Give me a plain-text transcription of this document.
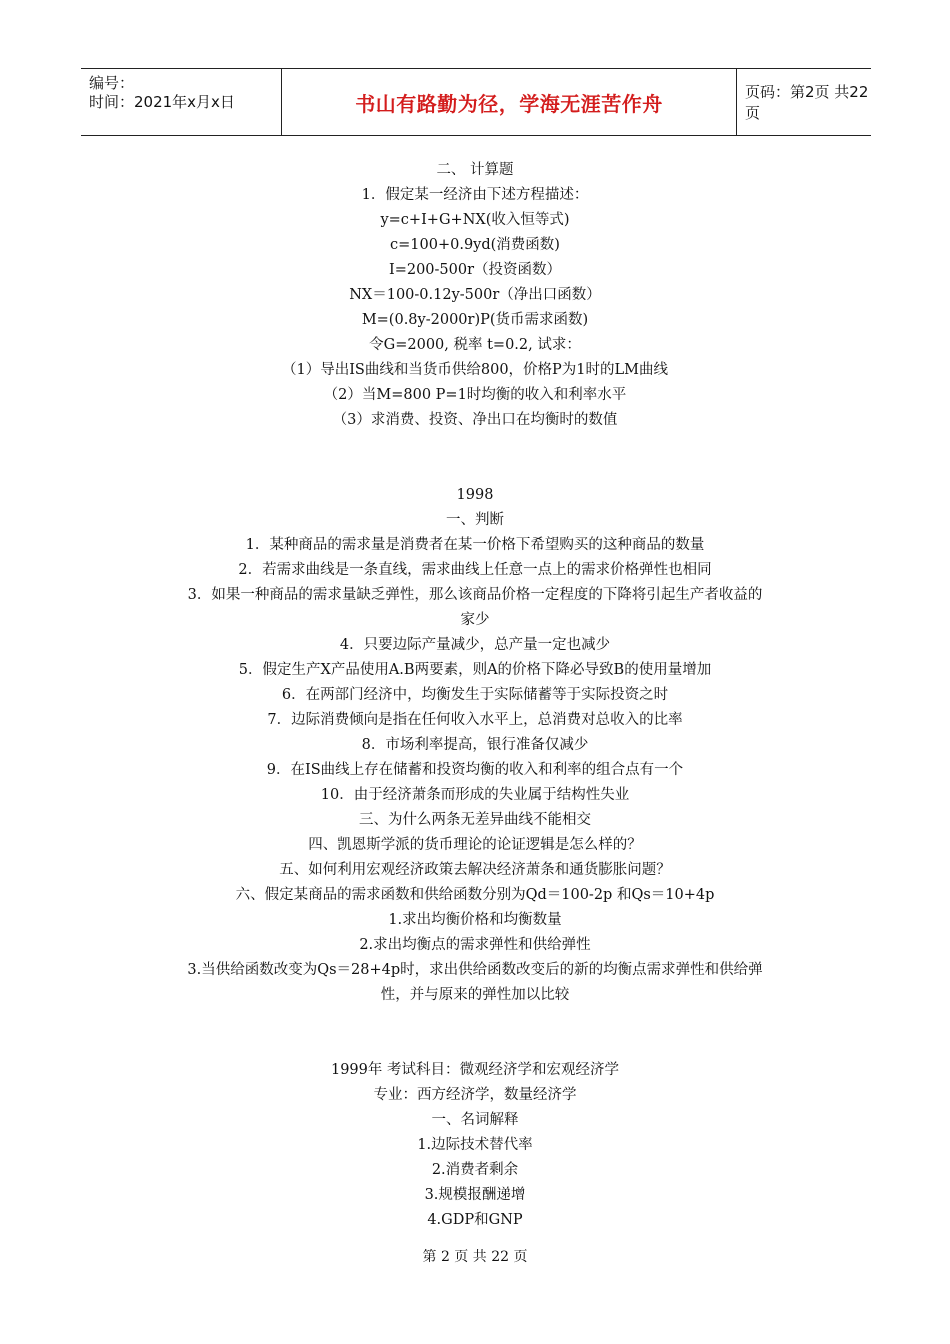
编号：
时间：2021年x月x日	书山有路勤为径，学海无涯苦作舟	页码：第2页 共22页
二、 计算题
1．假定某一经济由下述方程描述：
y=c+I+G+NX(收入恒等式)
c=100+0.9yd(消费函数)
I=200-500r（投资函数）
NX＝100-0.12y-500r（净出口函数）
M=(0.8y-2000r)P(货币需求函数)
令G=2000, 税率 t=0.2, 试求：
（1）导出IS曲线和当货币供给800，价格P为1时的LM曲线
（2）当M=800 P=1时均衡的收入和利率水平
（3）求消费、投资、净出口在均衡时的数值
1998
一、判断
1．某种商品的需求量是消费者在某一价格下希望购买的这种商品的数量
2．若需求曲线是一条直线，需求曲线上任意一点上的需求价格弹性也相同
3．如果一种商品的需求量缺乏弹性，那么该商品价格一定程度的下降将引起生产者收益的
家少
4．只要边际产量减少，总产量一定也减少
5．假定生产X产品使用A.B两要素，则A的价格下降必导致B的使用量增加
6．在两部门经济中，均衡发生于实际储蓄等于实际投资之时
7．边际消费倾向是指在任何收入水平上，总消费对总收入的比率
8．市场利率提高，银行准备仅减少
9．在IS曲线上存在储蓄和投资均衡的收入和利率的组合点有一个
10．由于经济萧条而形成的失业属于结构性失业
三、为什么两条无差异曲线不能相交
四、凯恩斯学派的货币理论的论证逻辑是怎么样的？
五、如何利用宏观经济政策去解决经济萧条和通货膨胀问题？
六、假定某商品的需求函数和供给函数分别为Qd＝100-2p 和Qs＝10+4p
1.求出均衡价格和均衡数量
2.求出均衡点的需求弹性和供给弹性
3.当供给函数改变为Qs＝28+4p时，求出供给函数改变后的新的均衡点需求弹性和供给弹
性，并与原来的弹性加以比较
1999年 考试科目：微观经济学和宏观经济学
专业：西方经济学，数量经济学
一、名词解释
1.边际技术替代率
2.消费者剩余
3.规模报酬递增
4.GDP和GNP
第 2 页 共 22 页
